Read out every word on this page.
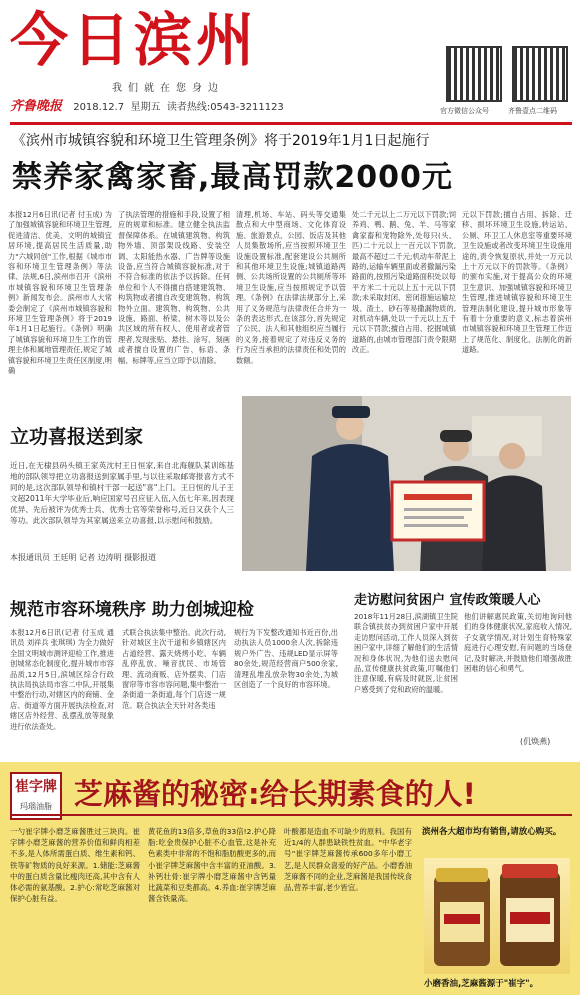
今日滨州
我们就在您身边
齐鲁晚报 2018.12.7 星期五 读者热线:0543-3211123	官方微信公众号	齐鲁壹点二维码
《滨州市城镇容貌和环境卫生管理条例》将于2019年1月1日起施行
禁养家禽家畜,最高罚款2000元
本报12月6日讯(记者 付玉成) 为了加强城镇容貌和环境卫生管理,促进清洁、优美、文明的城镇宜居环境,提高居民生活质量,助力"六城同创"工作,根据《城市市容和环境卫生管理条例》等法律、法规,6日,滨州市召开《滨州市城镇容貌和环境卫生管理条例》新闻发布会。滨州市人大常委会制定了《滨州市城镇容貌和环境卫生管理条例》将于2019年1月1日起施行。《条例》明确了城镇容貌和环境卫生工作的管理主体和属地管理责任,规定了城镇容貌和环境卫生责任区制度,明确
了执法管理的措施和手段,设置了相应的规章和标准。建立健全执法监督保障体系。在城镇建筑物、构筑物外墙、顶部架设线路、安装空调、太阳能热水器、广告牌等设施设备,应当符合城镇容貌标准,对于不符合标准的依法予以拆除。任何单位和个人不得擅自搭建建筑物、构筑物或者擅自改变建筑物、构筑物外立面。建筑物、构筑物、公共设施、路面、桥梁、树木等以及公共区域的所有权人、使用者或者管理者,发现张贴、悬挂、涂写、刻画或者擅自设置的广告、标语、条幅、标牌等,应当立即予以清除。
清理,机场、车站、码头等交通集散点和大中型商场、文化体育设施、旅游景点、公园、饭店及其他人员集散场所,应当按照环境卫生设施设置标准,配套建设公共厕所和其他环境卫生设施;城镇道路两侧、公共场所设置的公共厕所等环境卫生设施,应当按照规定予以管理。《条例》在法律法规部分上,采用了义务规范与法律责任合并为一条的表达形式,在该部分,首先规定了公民、法人和其他组织应当履行的义务,接着规定了对违反义务的行为应当承担的法律责任和处罚的数额。
处二千元以上二万元以下罚款;饲养鸡、鸭、鹅、兔、羊、马等家禽家畜和宠物除外,处每只(头、匹)二十元以上一百元以下罚款,最高不超过二千元;机动车带泥上路的,运输车辆里面或者撒漏污染路面的,按照污染道路面积处以每平方米二十元以上五十元以下罚款;未采取封闭、密闭措施运输垃圾、渣土、砂石等易撒漏物质的,对机动车辆,处以一千元以上五千元以下罚款;擅自占用、挖掘城镇道路的,由城市管理部门责令限期改正。
元以下罚款;擅自占用、拆除、迁移、损坏环境卫生设施,转运站、公厕、环卫工人休息室等重要环境卫生设施或者改变环境卫生设施用途的,责令恢复原状,并处一万元以上十万元以下的罚款等。《条例》的颁布实施,对于提高公众的环境卫生意识、加强城镇容貌和环境卫生管理,推进城镇容貌和环境卫生管理法制化建设,提升城市形象等有着十分重要的意义,标志着滨州市城镇容貌和环境卫生管理工作迈上了规范化、制度化、法制化的新道路。
立功喜报送到家
近日,在无棣县码头镇王家英沈村王日恒家,来自北海舰队某训练基地的部队领导把立功喜报送到家属手里,与以往采取邮寄报喜方式不同的是,这次部队领导和镇村干部一起送"喜"上门。王日恒的儿子王文超2011年大学毕业后,响应国家号召应征入伍,入伍七年来,因表现优异、先后被评为优秀士兵、优秀士官等荣誉称号,近日又获个人三等功。此次部队领导为其家属送来立功喜报,以示慰问和鼓励。
本报通讯员 王廷明 记者 边涛明 摄影报道
规范市容环境秩序 助力创城迎检
本报12月6日讯(记者 付玉成 通讯员 刘祥兵 张琪琪) 为全力做好全国文明城市测评迎检工作,推进创城常态化制度化,提升城市市容品质,12月5日,滨城区综合行政执法局执法局市容二中队,开展集中整治行动,对辖区内的商铺、金店、街道等方面开展执法检查,对辖区店外经营、乱摆乱放等现象进行依法查处。
式联合执法集中整治。此次行动,针对城区主次干道和乡镇辖区内占道经营、露天烧烤小吃、车辆乱停乱放、噪音扰民、市场管理、流动商贩、店外摆卖、门店窗帘等市容市容问题,集中整治一条街道一条街道,每个门店逐一规范。联合执法全天针对各类违
规行为下发整改通知书近百份,出动执法人员1000余人次,拆除违规户外广告、违规LED显示屏等80余处,规范经营商户500余家,清理乱堆乱放杂物30余处,为城区创造了一个良好的市容环境。
走访慰问贫困户 宣传政策暖人心
2018年11月28日,滨湖镇卫生院联合镇扶贫办到贫困户家中开展走访慰问活动,工作人员深入到贫困户家中,详细了解他们的生活情况和身体状况,为他们送去慰问品,宣传健康扶贫政策,叮嘱他们注意保暖,有病及时就医,让贫困户感受到了党和政府的温暖。
他们讲解惠民政策,关切地询问他们的身体健康状况,家庭收入情况,子女就学情况,对计划生育特殊家庭进行心理安慰,有问题的当场登记,及时解决,并鼓励他们增强战胜困难的信心和勇气。
(仉焕燕)
崔字牌
玛瑙油脂 芝麻酱的秘密:给长期素食的人!
一勺崔字牌小磨芝麻酱胜过三块肉。崔字牌小磨芝麻酱的营养价值和鲜肉相差不多,是人体所需蛋白质、维生素和钙、铁等矿物质的良好来源。1.储能:芝麻酱中的蛋白质含量比瘦肉还高,其中含有人体必需的氨基酸。2.护心:常吃芝麻酱对保护心脏有益。
黄花鱼的13倍多,草鱼的33倍!2.护心降脂:吃金贵保护心脏不心血管,这是补充色素类中非常的不饱和脂肪酸更多的,而小崔字牌芝麻酱中含丰富的亚油酸。3.补钙壮骨:崔字牌小磨芝麻酱中含钙量比蔬菜和豆类都高。4.养血:崔字牌芝麻酱含铁量高。
叶酸都是造血不可缺少的原料。我国有近1/4的人群患缺铁性贫血。"中华老字号"崔字牌芝麻酱传承600多年小磨工艺,是人民群众喜爱的好产品。小磨香油芝麻酱不同的企业,芝麻酱是我国传统食品,营养丰富,老少皆宜。
滨州各大超市均有销售,请放心购买。
小磨香油,芝麻酱源于"崔字"。
